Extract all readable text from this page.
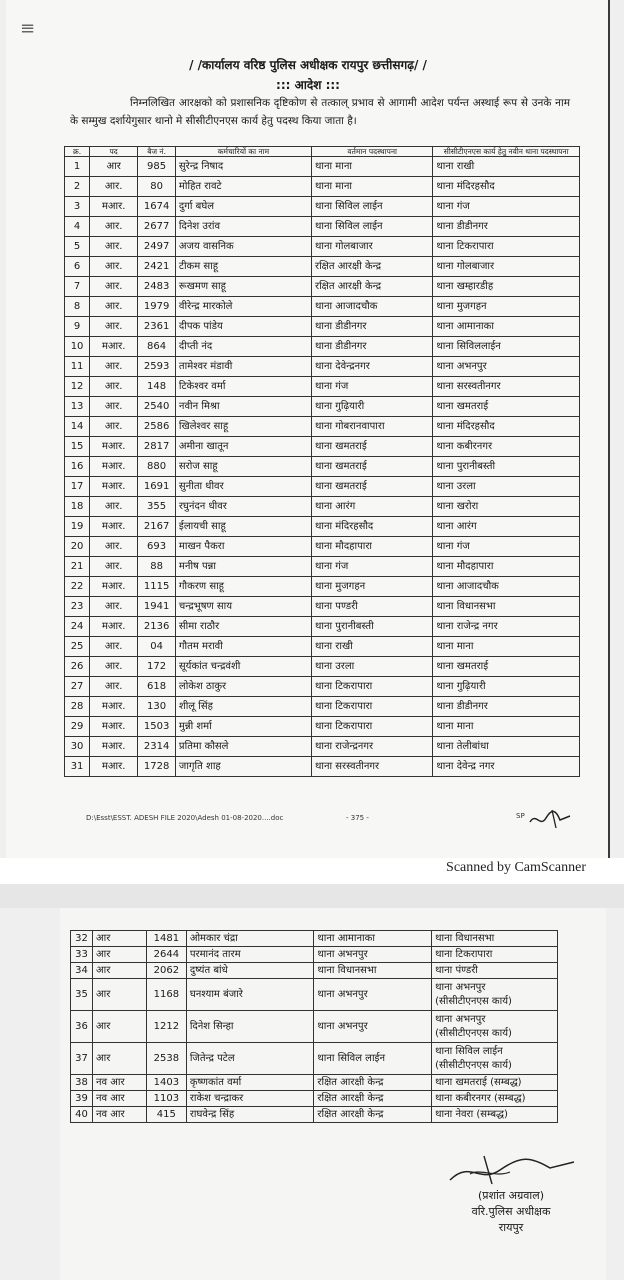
≡
/ /कार्यालय वरिष्ठ पुलिस अधीक्षक रायपुर छत्तीसगढ़/ /
::: आदेश :::
निम्नलिखित आरक्षको को प्रशासनिक दृष्टिकोण से तत्काल् प्रभाव से आगामी आदेश पर्यन्त अस्थाई रूप से उनके नाम के सम्मुख दर्शायेगुसार थानो मे सीसीटीएनएस कार्य हेतु पदस्थ किया जाता है।
क्र.	पद	बैज नं.	कर्मचारियों का नाम	वर्तमान पदस्थापना	सीसीटीएनएस कार्य हेतु नवीन थाना पदस्थापना
1	आर	985	सुरेन्द्र निषाद	थाना माना	थाना राखी
2	आर.	80	मोहित रावटे	थाना माना	थाना मंदिरहसौद
3	मआर.	1674	दुर्गा बघेल	थाना सिविल लाईन	थाना गंज
4	आर.	2677	दिनेश उरांव	थाना सिविल लाईन	थाना डीडीनगर
5	आर.	2497	अजय वासनिक	थाना गोलबाजार	थाना टिकरापारा
6	आर.	2421	टीकम साहू	रक्षित आरक्षी केन्द्र	थाना गोलबाजार
7	आर.	2483	रूखमण साहू	रक्षित आरक्षी केन्द्र	थाना खम्हारडीह
8	आर.	1979	वीरेन्द्र मारकोले	थाना आजादचौक	थाना मुजगहन
9	आर.	2361	दीपक पांडेय	थाना डीडीनगर	थाना आमानाका
10	मआर.	864	दीप्ती नंद	थाना डीडीनगर	थाना सिविललाईन
11	आर.	2593	तामेश्वर मंडावी	थाना देवेन्द्रनगर	थाना अभनपुर
12	आर.	148	टिकेश्वर वर्मा	थाना गंज	थाना सरस्वतीनगर
13	आर.	2540	नवीन मिश्रा	थाना गुढ़ियारी	थाना खमतराई
14	आर.	2586	खिलेश्वर साहू	थाना गोबरानवापारा	थाना मंदिरहसौद
15	मआर.	2817	अमीना खातून	थाना खमतराई	थाना कबीरनगर
16	मआर.	880	सरोज साहू	थाना खमतराई	थाना पुरानीबस्ती
17	मआर.	1691	सुनीता धीवर	थाना खमतराई	थाना उरला
18	आर.	355	रघुनंदन धीवर	थाना आरंग	थाना खरोरा
19	मआर.	2167	ईलायची साहू	थाना मंदिरहसौद	थाना आरंग
20	आर.	693	माखन पैकरा	थाना मौदहापारा	थाना गंज
21	आर.	88	मनीष पन्ना	थाना गंज	थाना मौदहापारा
22	मआर.	1115	गौकरण साहू	थाना मुजगहन	थाना आजादचौक
23	आर.	1941	चन्द्रभूषण साय	थाना पण्डरी	थाना विधानसभा
24	मआर.	2136	सीमा राठौर	थाना पुरानीबस्ती	थाना राजेन्द्र नगर
25	आर.	04	गौतम मरावी	थाना राखी	थाना माना
26	आर.	172	सूर्यकांत चन्द्रवंशी	थाना उरला	थाना खमतराई
27	आर.	618	लोकेश ठाकुर	थाना टिकरापारा	थाना गुढ़ियारी
28	मआर.	130	शीलू सिंह	थाना टिकरापारा	थाना डीडीनगर
29	मआर.	1503	मुन्नी शर्मा	थाना टिकरापारा	थाना माना
30	मआर.	2314	प्रतिमा कौसले	थाना राजेन्द्रनगर	थाना तेलीबांधा
31	मआर.	1728	जागृति शाह	थाना सरस्वतीनगर	थाना देवेन्द्र नगर
D:\Esst\ESST. ADESH FILE 2020\Adesh 01-08-2020....doc	- 375 -	SP
Scanned by CamScanner
32	आर	1481	ओमकार चंद्रा	थाना आमानाका	थाना विधानसभा
33	आर	2644	परमानंद तारम	थाना अभनपुर	थाना टिकरापारा
34	आर	2062	दुष्यंत बांधे	थाना विधानसभा	थाना पंण्डरी
35	आर	1168	घनश्याम बंजारे	थाना अभनपुर	थाना अभनपुर
(सीसीटीएनएस कार्य)
36	आर	1212	दिनेश सिन्हा	थाना अभनपुर	थाना अभनपुर
(सीसीटीएनएस कार्य)
37	आर	2538	जितेन्द्र पटेल	थाना सिविल लाईन	थाना सिविल लाईन
(सीसीटीएनएस कार्य)
38	नव आर	1403	कृष्णकांत वर्मा	रक्षित आरक्षी केन्द्र	थाना खमतराई (सम्बद्ध)
39	नव आर	1103	राकेश चन्द्राकर	रक्षित आरक्षी केन्द्र	थाना कबीरनगर (सम्बद्ध)
40	नव आर	415	राघवेन्द्र सिंह	रक्षित आरक्षी केन्द्र	थाना नेवरा (सम्बद्ध)
(प्रशांत अग्रवाल)
वरि.पुलिस अधीक्षक
रायपुर
